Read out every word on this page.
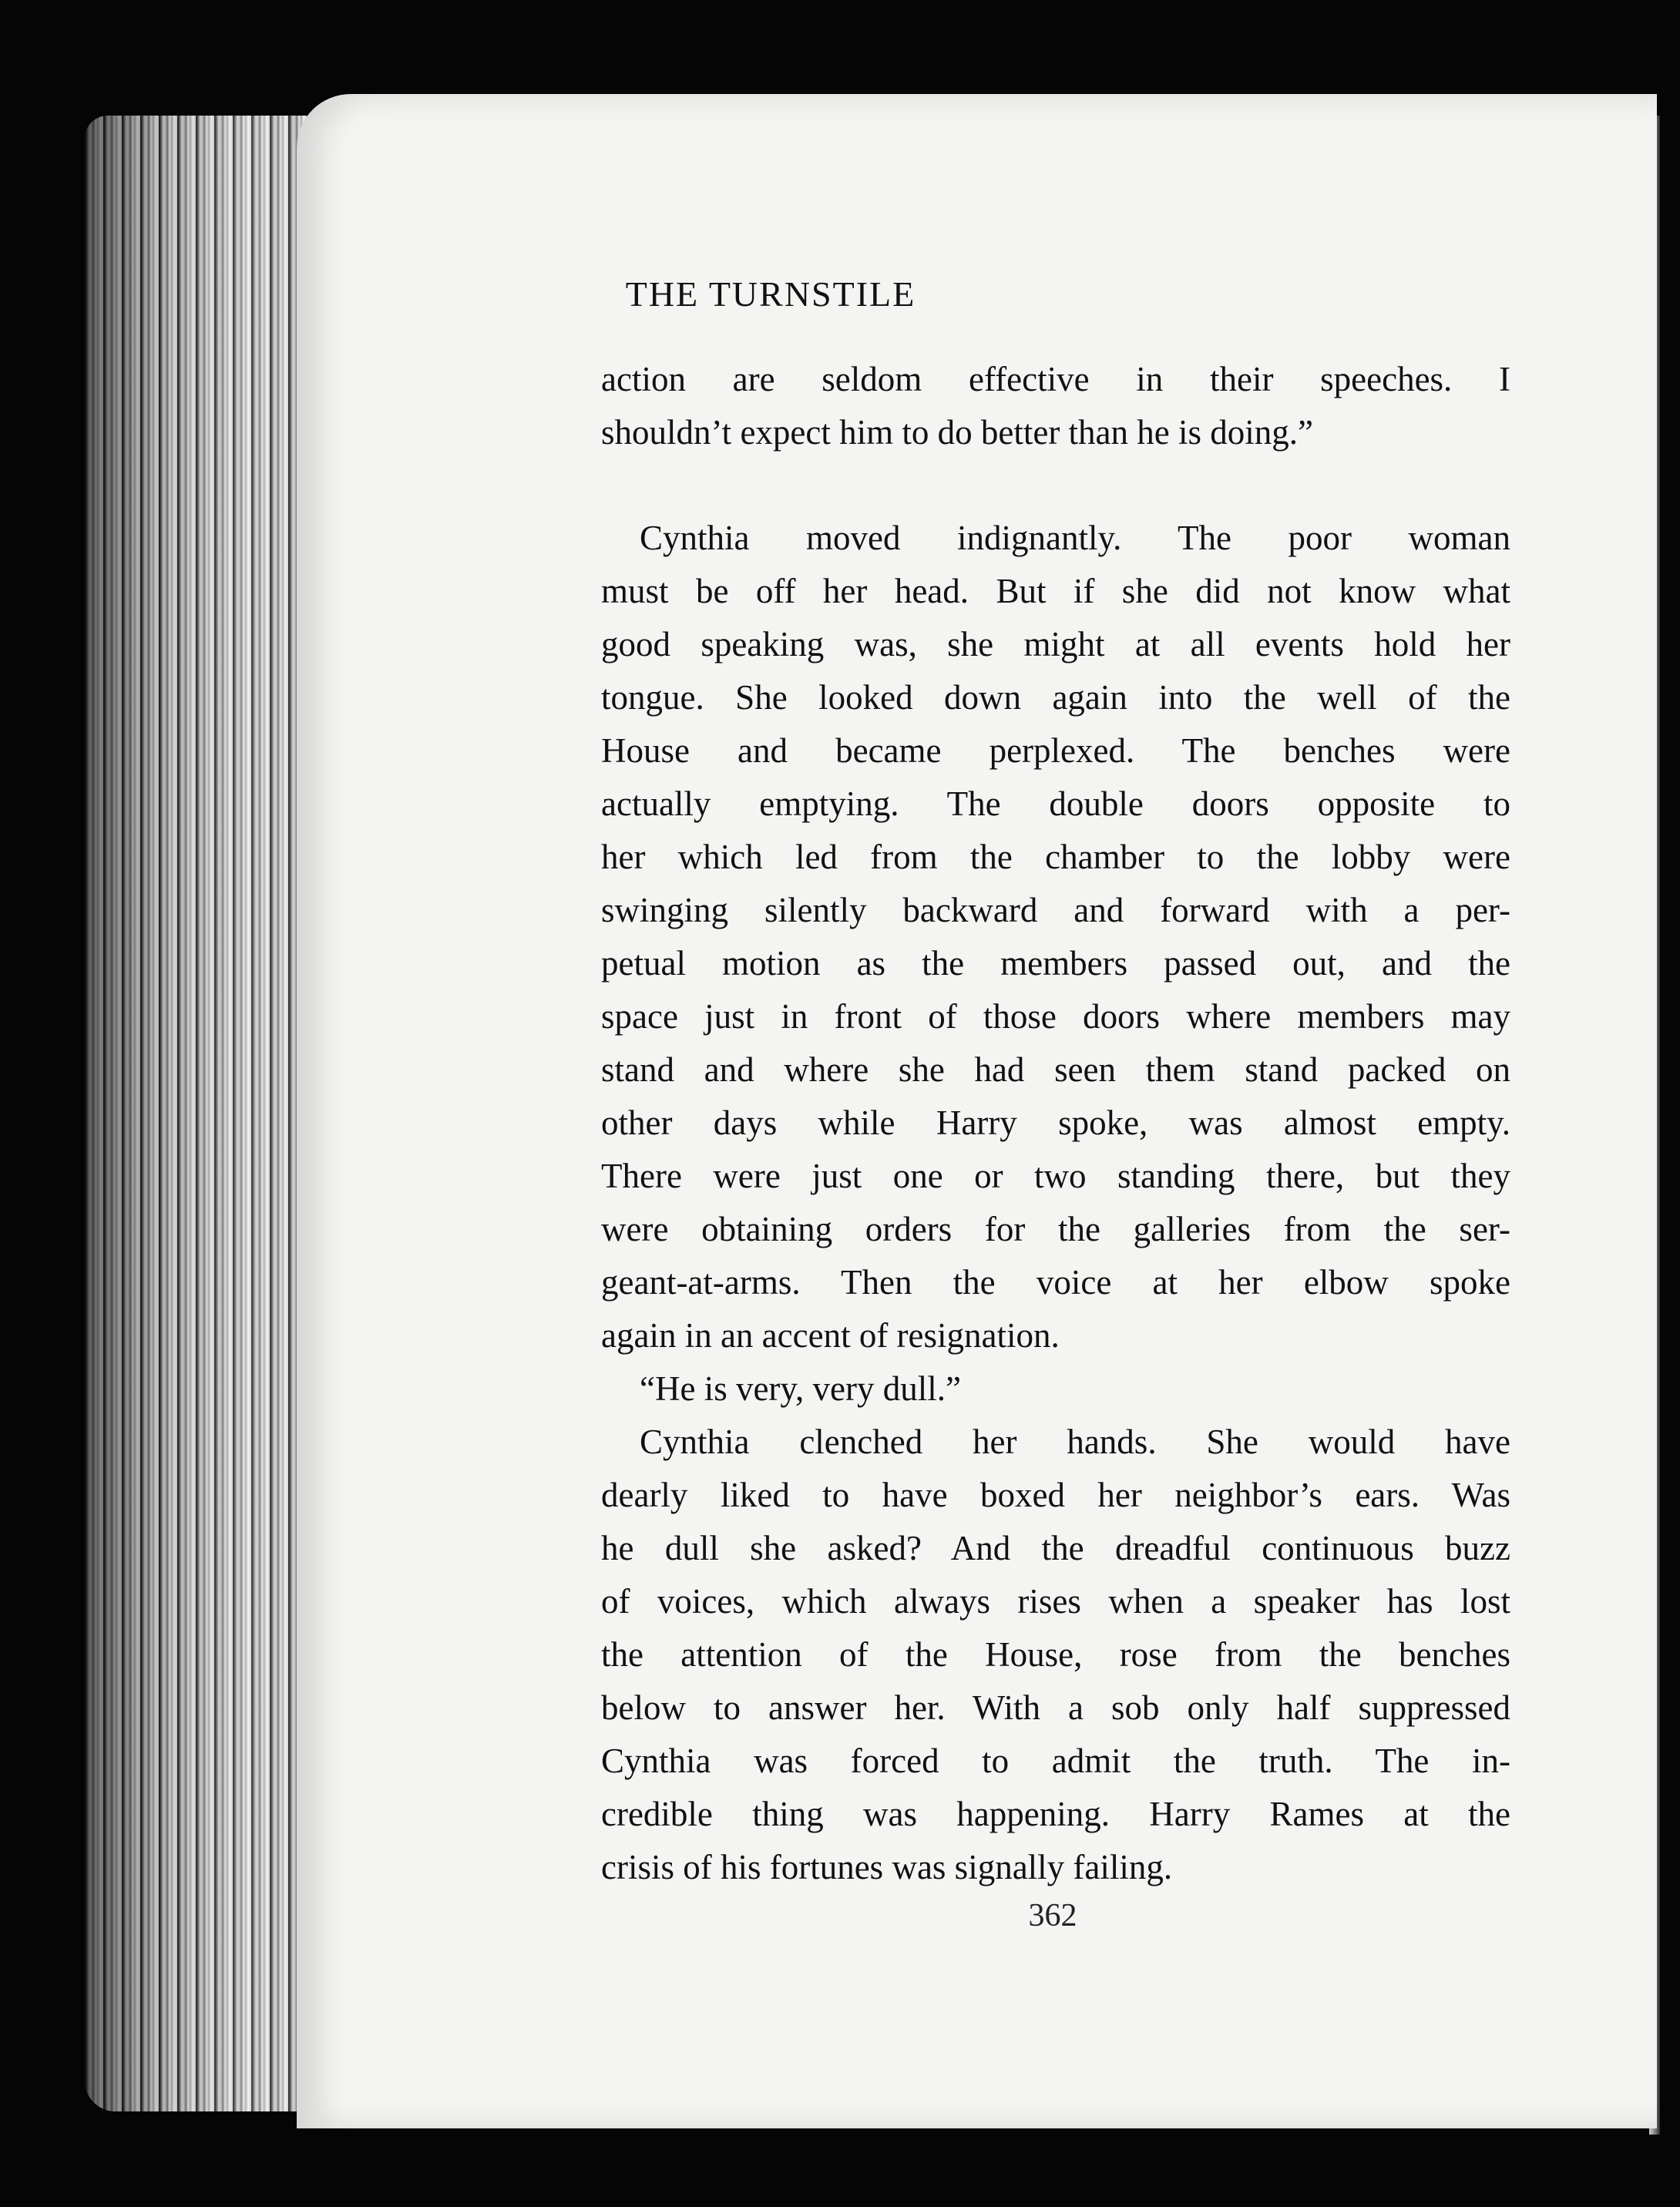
THE TURNSTILE

action are seldom effective in their speeches. I
shouldn’t expect him to do better than he is doing.”

Cynthia moved indignantly. The poor woman
must be off her head. But if she did not know what
good speaking was, she might at all events hold her
tongue. She looked down again into the well of the
House and became perplexed. The benches were
actually emptying. The double doors opposite to
her which led from the chamber to the lobby were
swinging silently backward and forward with a per-
petual motion as the members passed out, and the
space just in front of those doors where members may
stand and where she had seen them stand packed on
other days while Harry spoke, was almost empty.
There were just one or two standing there, but they
were obtaining orders for the galleries from the ser-
geant-at-arms. Then the voice at her elbow spoke
again in an accent of resignation.

“He is very, very dull.”

Cynthia clenched her hands. She would have
dearly liked to have boxed her neighbor’s ears. Was
he dull she asked? And the dreadful continuous buzz
of voices, which always rises when a speaker has lost
the attention of the House, rose from the benches
below to answer her. With a sob only half suppressed
Cynthia was forced to admit the truth. The in-
credible thing was happening. Harry Rames at the
crisis of his fortunes was signally failing.

362
